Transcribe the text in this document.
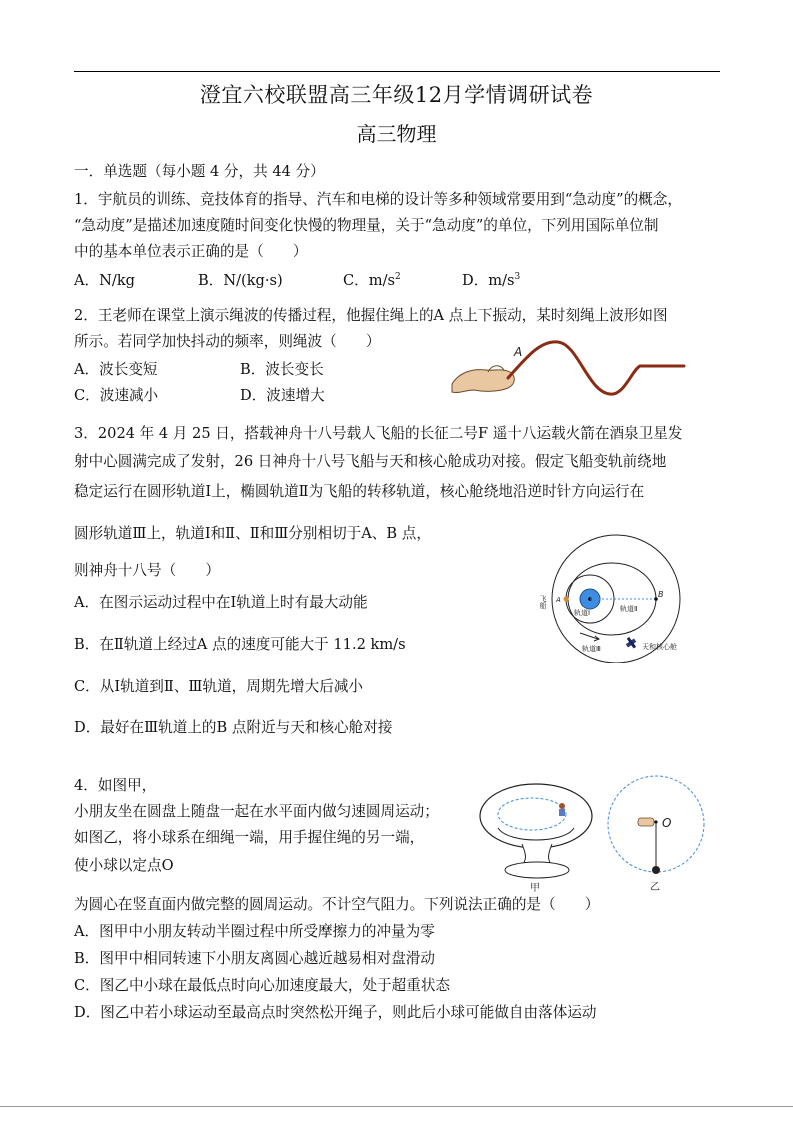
澄宜六校联盟高三年级12月学情调研试卷
高三物理
一．单选题（每小题 4 分，共 44 分）
1．宇航员的训练、竞技体育的指导、汽车和电梯的设计等多种领域常要用到“急动度”的概念，
“急动度”是描述加速度随时间变化快慢的物理量，关于“急动度”的单位，下列用国际单位制
中的基本单位表示正确的是（　　）
A．N/kg	B．N/(kg·s)	C．$m/s^2$	D．$m/s^3$
2．王老师在课堂上演示绳波的传播过程，他握住绳上的A 点上下振动，某时刻绳上波形如图
所示。若同学加快抖动的频率，则绳波（　　）
A．波长变短	B．波长变长
C．波速减小	D．波速增大
A
3．2024 年 4 月 25 日，搭载神舟十八号载人飞船的长征二号F 遥十八运载火箭在酒泉卫星发
射中心圆满完成了发射，26 日神舟十八号飞船与天和核心舱成功对接。假定飞船变轨前绕地
稳定运行在圆形轨道Ⅰ上，椭圆轨道Ⅱ为飞船的转移轨道，核心舱绕地沿逆时针方向运行在
圆形轨道Ⅲ上，轨道Ⅰ和Ⅱ、Ⅱ和Ⅲ分别相切于A、B 点，
则神舟十八号（　　）
A．在图示运动过程中在Ⅰ轨道上时有最大动能
B．在Ⅱ轨道上经过A 点的速度可能大于 11.2 km/s
C．从Ⅰ轨道到Ⅱ、Ⅲ轨道，周期先增大后减小
D．最好在Ⅲ轨道上的B 点附近与天和核心舱对接
飞船 A
B
轨道Ⅰ	轨道Ⅱ
轨道Ⅲ	天和核心舱
4．如图甲，
小朋友坐在圆盘上随盘一起在水平面内做匀速圆周运动；
如图乙，将小球系在细绳一端，用手握住绳的另一端，
使小球以定点O
为圆心在竖直面内做完整的圆周运动。不计空气阻力。下列说法正确的是（　　）
A．图甲中小朋友转动半圈过程中所受摩擦力的冲量为零
B．图甲中相同转速下小朋友离圆心越近越易相对盘滑动
C．图乙中小球在最低点时向心加速度最大，处于超重状态
D．图乙中若小球运动至最高点时突然松开绳子，则此后小球可能做自由落体运动
甲
O
乙
